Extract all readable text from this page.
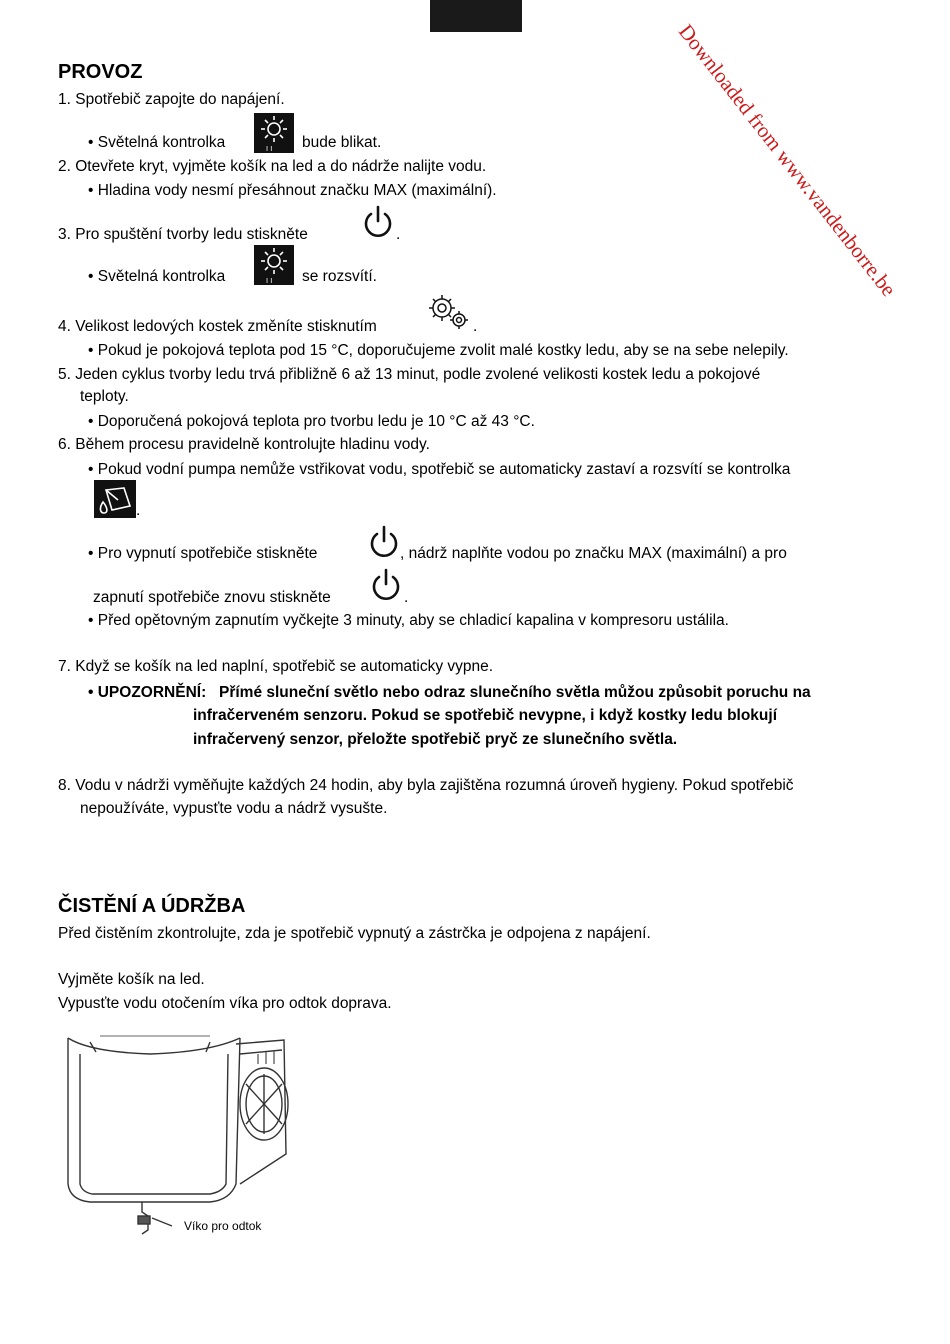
Downloaded from www.vandenborre.be
PROVOZ
1. Spotřebič zapojte do napájení.
• Světelná kontrolka	I I bude blikat.
2. Otevřete kryt, vyjměte košík na led a do nádrže nalijte vodu.
• Hladina vody nesmí přesáhnout značku MAX (maximální).
3. Pro spuštění tvorby ledu stiskněte	.
• Světelná kontrolka	I I se rozsvítí.
4. Velikost ledových kostek změníte stisknutím	.
• Pokud je pokojová teplota pod 15 °C, doporučujeme zvolit malé kostky ledu, aby se na sebe nelepily.
5. Jeden cyklus tvorby ledu trvá přibližně 6 až 13 minut, podle zvolené velikosti kostek ledu a pokojové
teploty.
• Doporučená pokojová teplota pro tvorbu ledu je 10 °C až 43 °C.
6. Během procesu pravidelně kontrolujte hladinu vody.
• Pokud vodní pumpa nemůže vstřikovat vodu, spotřebič se automaticky zastaví a rozsvítí se kontrolka
.
• Pro vypnutí spotřebiče stiskněte	, nádrž naplňte vodou po značku MAX (maximální) a pro
zapnutí spotřebiče znovu stiskněte	.
• Před opětovným zapnutím vyčkejte 3 minuty, aby se chladicí kapalina v kompresoru ustálila.
7. Když se košík na led naplní, spotřebič se automaticky vypne.
• UPOZORNĚNÍ: Přímé sluneční světlo nebo odraz slunečního světla můžou způsobit poruchu na
infračerveném senzoru. Pokud se spotřebič nevypne, i když kostky ledu blokují
infračervený senzor, přeložte spotřebič pryč ze slunečního světla.
8. Vodu v nádrži vyměňujte každých 24 hodin, aby byla zajištěna rozumná úroveň hygieny. Pokud spotřebič
nepoužíváte, vypusťte vodu a nádrž vysušte.
ČISTĚNÍ A ÚDRŽBA
Před čistěním zkontrolujte, zda je spotřebič vypnutý a zástrčka je odpojena z napájení.
Vyjměte košík na led.
Vypusťte vodu otočením víka pro odtok doprava.
Víko pro odtok
